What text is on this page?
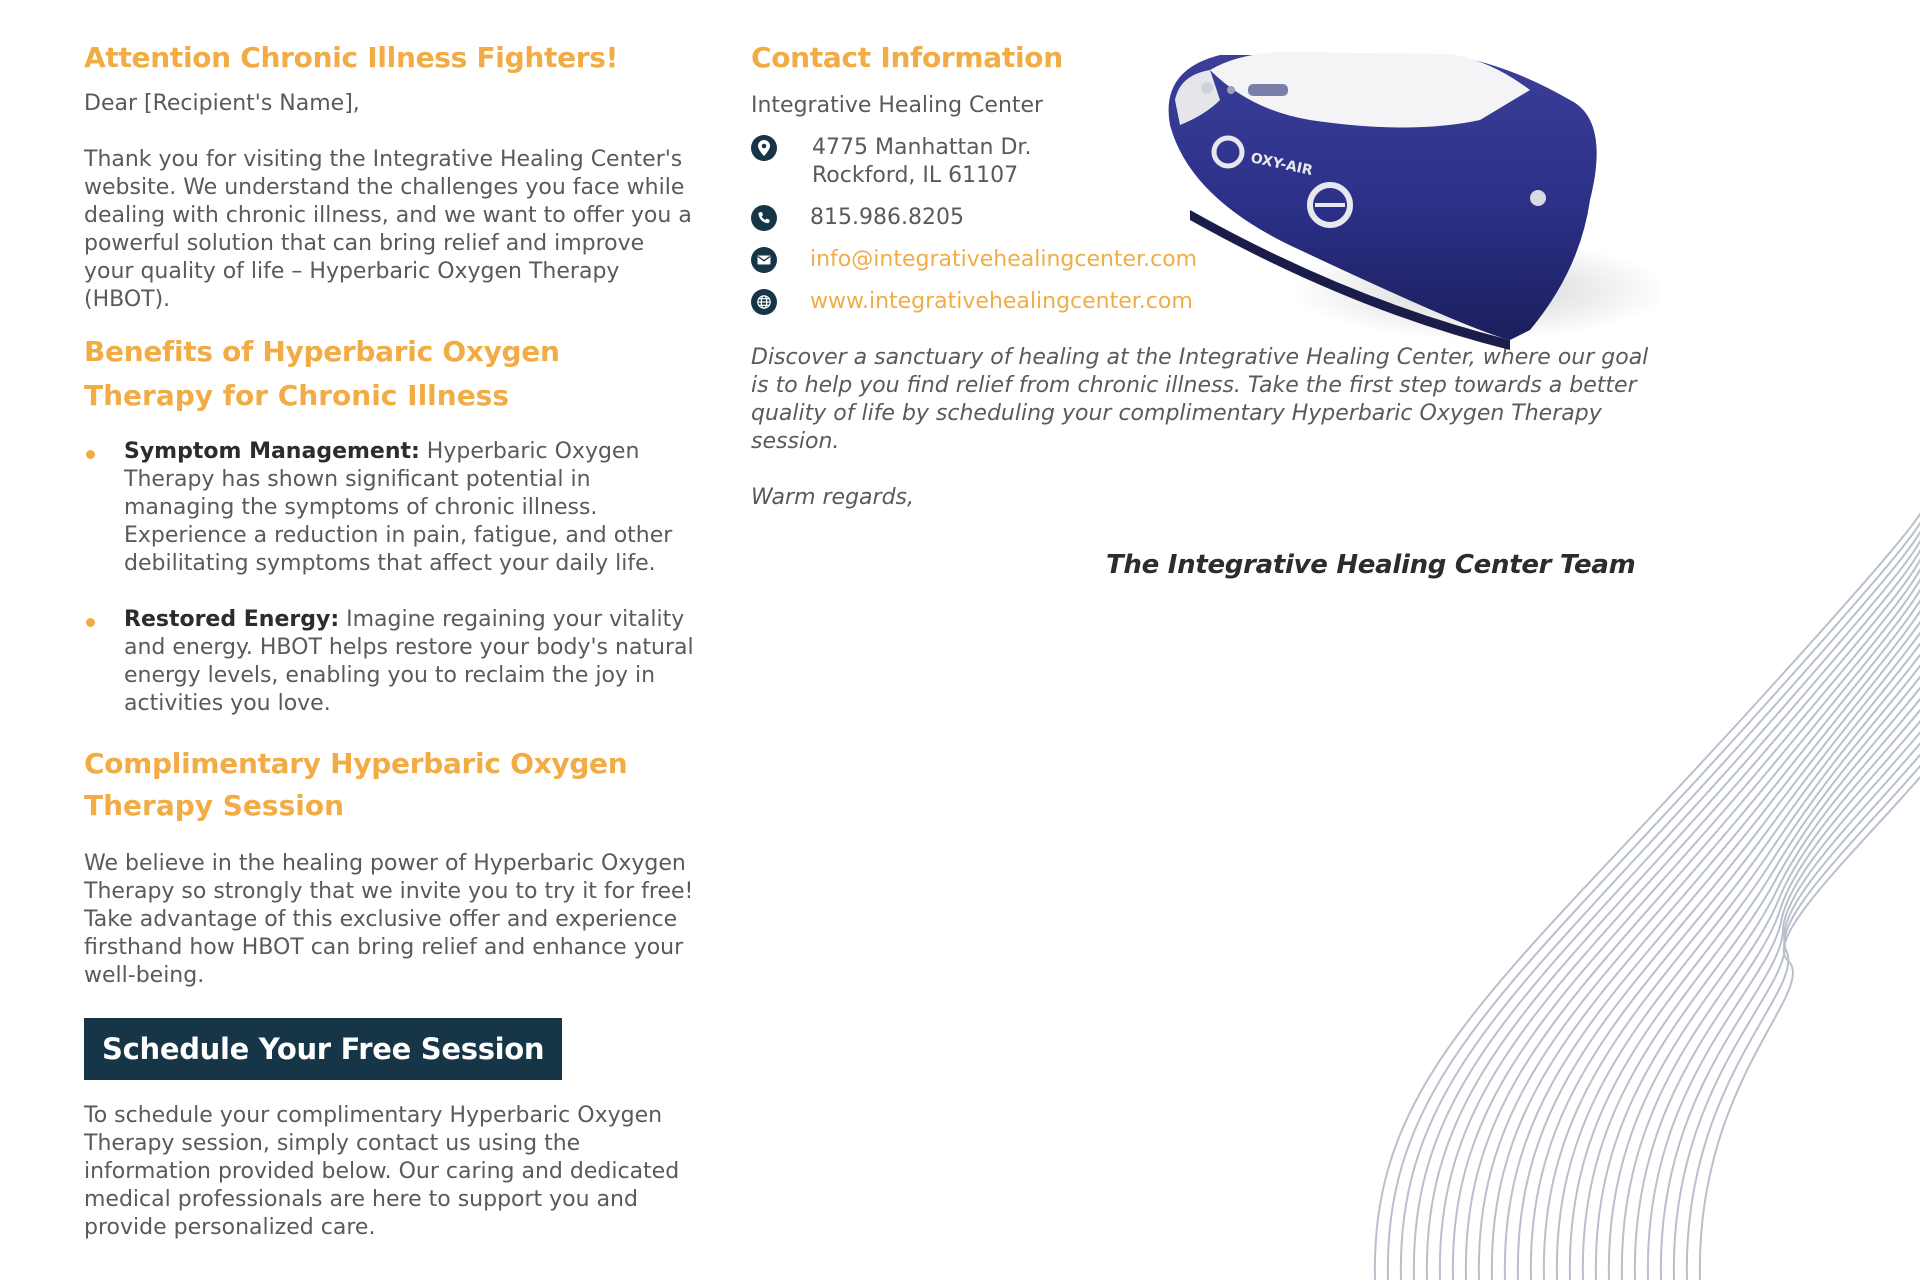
Attention Chronic Illness Fighters!

Dear [Recipient's Name],

Thank you for visiting the Integrative Healing Center's website. We understand the challenges you face while dealing with chronic illness, and we want to offer you a powerful solution that can bring relief and improve your quality of life – Hyperbaric Oxygen Therapy (HBOT).

Benefits of Hyperbaric Oxygen
Therapy for Chronic Illness
Symptom Management: Hyperbaric Oxygen Therapy has shown significant potential in managing the symptoms of chronic illness. Experience a reduction in pain, fatigue, and other debilitating symptoms that affect your daily life.
Restored Energy: Imagine regaining your vitality and energy. HBOT helps restore your body's natural energy levels, enabling you to reclaim the joy in activities you love.
Complimentary Hyperbaric Oxygen
Therapy Session

We believe in the healing power of Hyperbaric Oxygen Therapy so strongly that we invite you to try it for free! Take advantage of this exclusive offer and experience firsthand how HBOT can bring relief and enhance your well-being.

Schedule Your Free Session

To schedule your complimentary Hyperbaric Oxygen Therapy session, simply contact us using the information provided below. Our caring and dedicated medical professionals are here to support you and provide personalized care.

Contact Information

Integrative Healing Center

4775 Manhattan Dr.
Rockford, IL 61107
815.986.8205
info@integrativehealingcenter.com
www.integrativehealingcenter.com

Discover a sanctuary of healing at the Integrative Healing Center, where our goal is to help you find relief from chronic illness. Take the first step towards a better quality of life by scheduling your complimentary Hyperbaric Oxygen Therapy session.

Warm regards,

The Integrative Healing Center Team
OXY-AIR
